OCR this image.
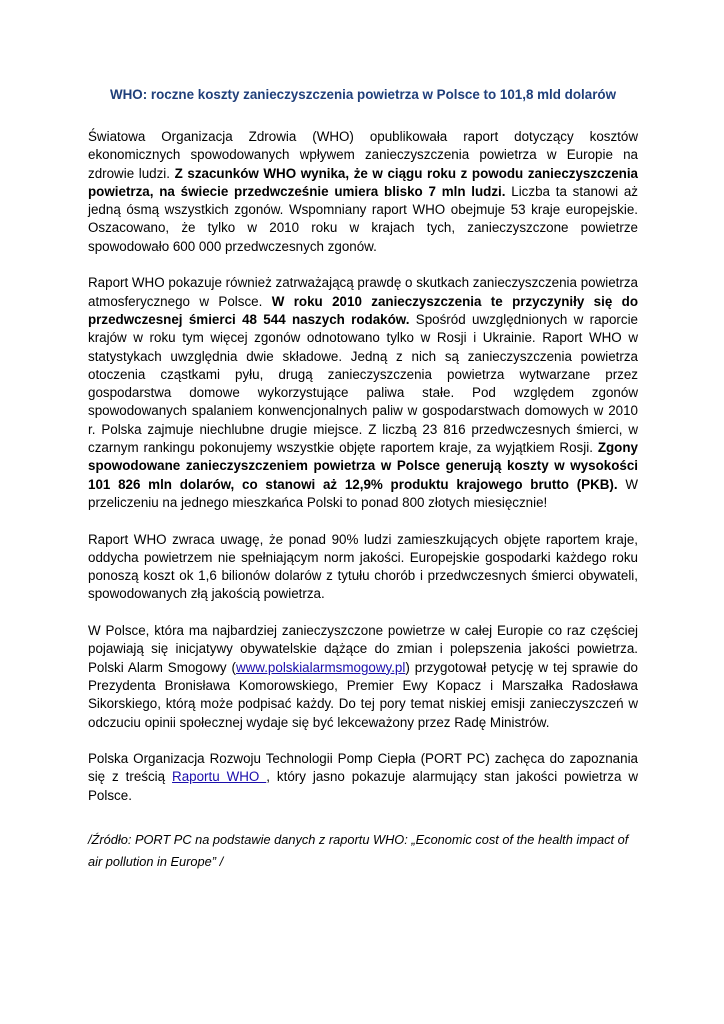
WHO: roczne koszty zanieczyszczenia powietrza w Polsce to 101,8 mld dolarów

Światowa Organizacja Zdrowia (WHO) opublikowała raport dotyczący kosztów ekonomicznych spowodowanych wpływem zanieczyszczenia powietrza w Europie na zdrowie ludzi. Z szacunków WHO wynika, że w ciągu roku z powodu zanieczyszczenia powietrza, na świecie przedwcześnie umiera blisko 7 mln ludzi. Liczba ta stanowi aż jedną ósmą wszystkich zgonów. Wspomniany raport WHO obejmuje 53 kraje europejskie. Oszacowano, że tylko w 2010 roku w krajach tych, zanieczyszczone powietrze spowodowało 600 000 przedwczesnych zgonów.

Raport WHO pokazuje również zatrważającą prawdę o skutkach zanieczyszczenia powietrza atmosferycznego w Polsce. W roku 2010 zanieczyszczenia te przyczyniły się do przedwczesnej śmierci 48 544 naszych rodaków. Spośród uwzględnionych w raporcie krajów w roku tym więcej zgonów odnotowano tylko w Rosji i Ukrainie. Raport WHO w statystykach uwzględnia dwie składowe. Jedną z nich są zanieczyszczenia powietrza otoczenia cząstkami pyłu, drugą zanieczyszczenia powietrza wytwarzane przez gospodarstwa domowe wykorzystujące paliwa stałe. Pod względem zgonów spowodowanych spalaniem konwencjonalnych paliw w gospodarstwach domowych w 2010 r. Polska zajmuje niechlubne drugie miejsce. Z liczbą 23 816 przedwczesnych śmierci, w czarnym rankingu pokonujemy wszystkie objęte raportem kraje, za wyjątkiem Rosji. Zgony spowodowane zanieczyszczeniem powietrza w Polsce generują koszty w wysokości 101 826 mln dolarów, co stanowi aż 12,9% produktu krajowego brutto (PKB). W przeliczeniu na jednego mieszkańca Polski to ponad 800 złotych miesięcznie!

Raport WHO zwraca uwagę, że ponad 90% ludzi zamieszkujących objęte raportem kraje, oddycha powietrzem nie spełniającym norm jakości. Europejskie gospodarki każdego roku ponoszą koszt ok 1,6 bilionów dolarów z tytułu chorób i przedwczesnych śmierci obywateli, spowodowanych złą jakością powietrza.

W Polsce, która ma najbardziej zanieczyszczone powietrze w całej Europie co raz częściej pojawiają się inicjatywy obywatelskie dążące do zmian i polepszenia jakości powietrza. Polski Alarm Smogowy (www.polskialarmsmogowy.pl) przygotował petycję w tej sprawie do Prezydenta Bronisława Komorowskiego, Premier Ewy Kopacz i Marszałka Radosława Sikorskiego, którą może podpisać każdy. Do tej pory temat niskiej emisji zanieczyszczeń w odczuciu opinii społecznej wydaje się być lekceważony przez Radę Ministrów.

Polska Organizacja Rozwoju Technologii Pomp Ciepła (PORT PC) zachęca do zapoznania się z treścią Raportu WHO , który jasno pokazuje alarmujący stan jakości powietrza w Polsce.

/Źródło: PORT PC na podstawie danych z raportu WHO: „Economic cost of the health impact of air pollution in Europe” /
